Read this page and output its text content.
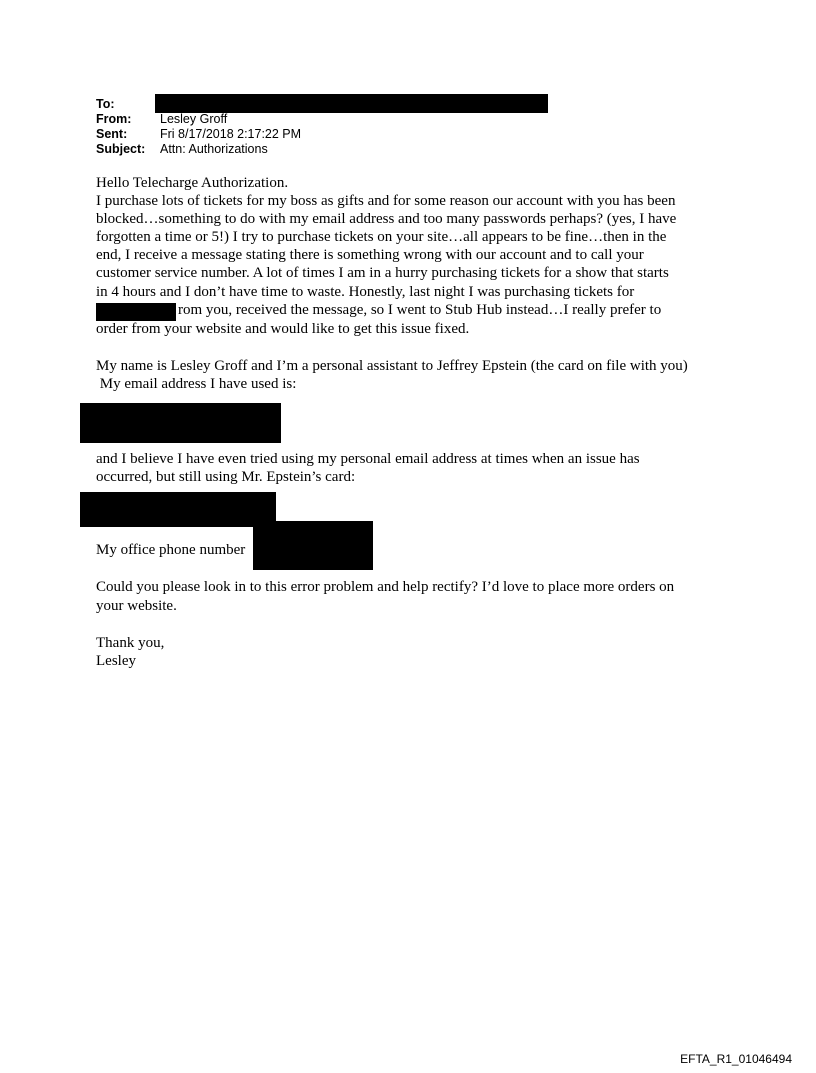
To:
From: Lesley Groff
Sent:	Fri 8/17/2018 2:17:22 PM
Subject: Attn: Authorizations
Hello Telecharge Authorization.
I purchase lots of tickets for my boss as gifts and for some reason our account with you has been
blocked…something to do with my email address and too many passwords perhaps? (yes, I have
forgotten a time or 5!) I try to purchase tickets on your site…all appears to be fine…then in the
end, I receive a message stating there is something wrong with our account and to call your
customer service number. A lot of times I am in a hurry purchasing tickets for a show that starts
in 4 hours and I don’t have time to waste. Honestly, last night I was purchasing tickets for
rom you, received the message, so I went to Stub Hub instead…I really prefer to
order from your website and would like to get this issue fixed.
My name is Lesley Groff and I’m a personal assistant to Jeffrey Epstein (the card on file with you)
My email address I have used is:
and I believe I have even tried using my personal email address at times when an issue has
occurred, but still using Mr. Epstein’s card:
My office phone number
Could you please look in to this error problem and help rectify? I’d love to place more orders on
your website.
Thank you,
Lesley
EFTA_R1_01046494
